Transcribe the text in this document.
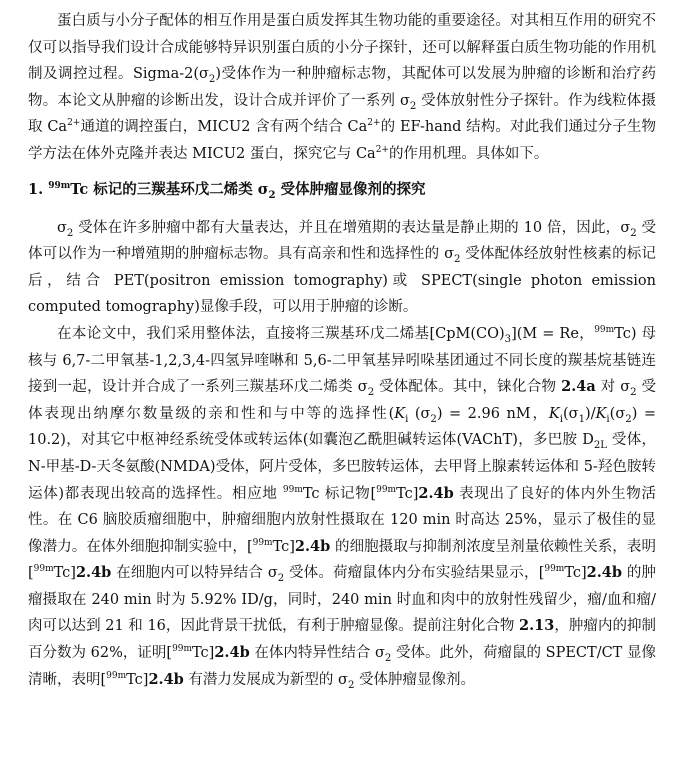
蛋白质与小分子配体的相互作用是蛋白质发挥其生物功能的重要途径。对其相互作用的研究不仅可以指导我们设计合成能够特异识别蛋白质的小分子探针，还可以解释蛋白质生物功能的作用机制及调控过程。Sigma-$2(\sigma_2)$受体作为一种肿瘤标志物，其配体可以发展为肿瘤的诊断和治疗药物。本论文从肿瘤的诊断出发，设计合成并评价了一系列 $\sigma_2$ 受体放射性分子探针。作为线粒体摄取 $Ca^{2+}$通道的调控蛋白，MICU2 含有两个结合 $Ca^{2+}$的 EF-hand 结构。对此我们通过分子生物学方法在体外克隆并表达 MICU2 蛋白，探究它与 $Ca^{2+}$的作用机理。具体如下。

1. $^{99m}$Tc 标记的三羰基环戊二烯类 $\sigma_2$ 受体肿瘤显像剂的探究

$\sigma_2$ 受体在许多肿瘤中都有大量表达，并且在增殖期的表达量是静止期的 10 倍，因此，$\sigma_2$ 受体可以作为一种增殖期的肿瘤标志物。具有高亲和性和选择性的 $\sigma_2$ 受体配体经放射性核素的标记后，结合 PET(positron emission tomography)或 SPECT(single photon emission computed tomography)显像手段，可以用于肿瘤的诊断。

在本论文中，我们采用整体法，直接将三羰基环戊二烯基$[CpM(CO)_3](M = Re$，$^{99m}$Tc) 母核与 6,7-二甲氧基-1,2,3,4-四氢异喹啉和 5,6-二甲氧基异吲哚基团通过不同长度的羰基烷基链连接到一起，设计并合成了一系列三羰基环戊二烯类 $\sigma_2$ 受体配体。其中，铼化合物 2.4a 对 $\sigma_2$ 受体表现出纳摩尔数量级的亲和性和与中等的选择性($K_i$ $(\sigma_2) = 2.96$ nM，$K_i(\sigma_1)/K_i(\sigma_2) = 10.2$)，对其它中枢神经系统受体或转运体(如囊泡乙酰胆碱转运体(VAChT)，多巴胺 $D_{2L}$ 受体，N-甲基-D-天冬氨酸(NMDA)受体，阿片受体，多巴胺转运体，去甲肾上腺素转运体和 5-羟色胺转运体)都表现出较高的选择性。相应地 $^{99m}$Tc 标记物[$^{99m}$Tc]2.4b 表现出了良好的体内外生物活性。在 C6 脑胶质瘤细胞中，肿瘤细胞内放射性摄取在 120 min 时高达 25%，显示了极佳的显像潜力。在体外细胞抑制实验中，[$^{99m}$Tc]2.4b 的细胞摄取与抑制剂浓度呈剂量依赖性关系，表明[$^{99m}$Tc]2.4b 在细胞内可以特异结合 $\sigma_2$ 受体。荷瘤鼠体内分布实验结果显示，[$^{99m}$Tc]2.4b 的肿瘤摄取在 240 min 时为 5.92% ID/g，同时，240 min 时血和肉中的放射性残留少，瘤/血和瘤/肉可以达到 21 和 16，因此背景干扰低，有利于肿瘤显像。提前注射化合物 2.13，肿瘤内的抑制百分数为 62%，证明[$^{99m}$Tc]2.4b 在体内特异性结合 $\sigma_2$ 受体。此外，荷瘤鼠的 SPECT/CT 显像清晰，表明[$^{99m}$Tc]2.4b 有潜力发展成为新型的 $\sigma_2$ 受体肿瘤显像剂。
